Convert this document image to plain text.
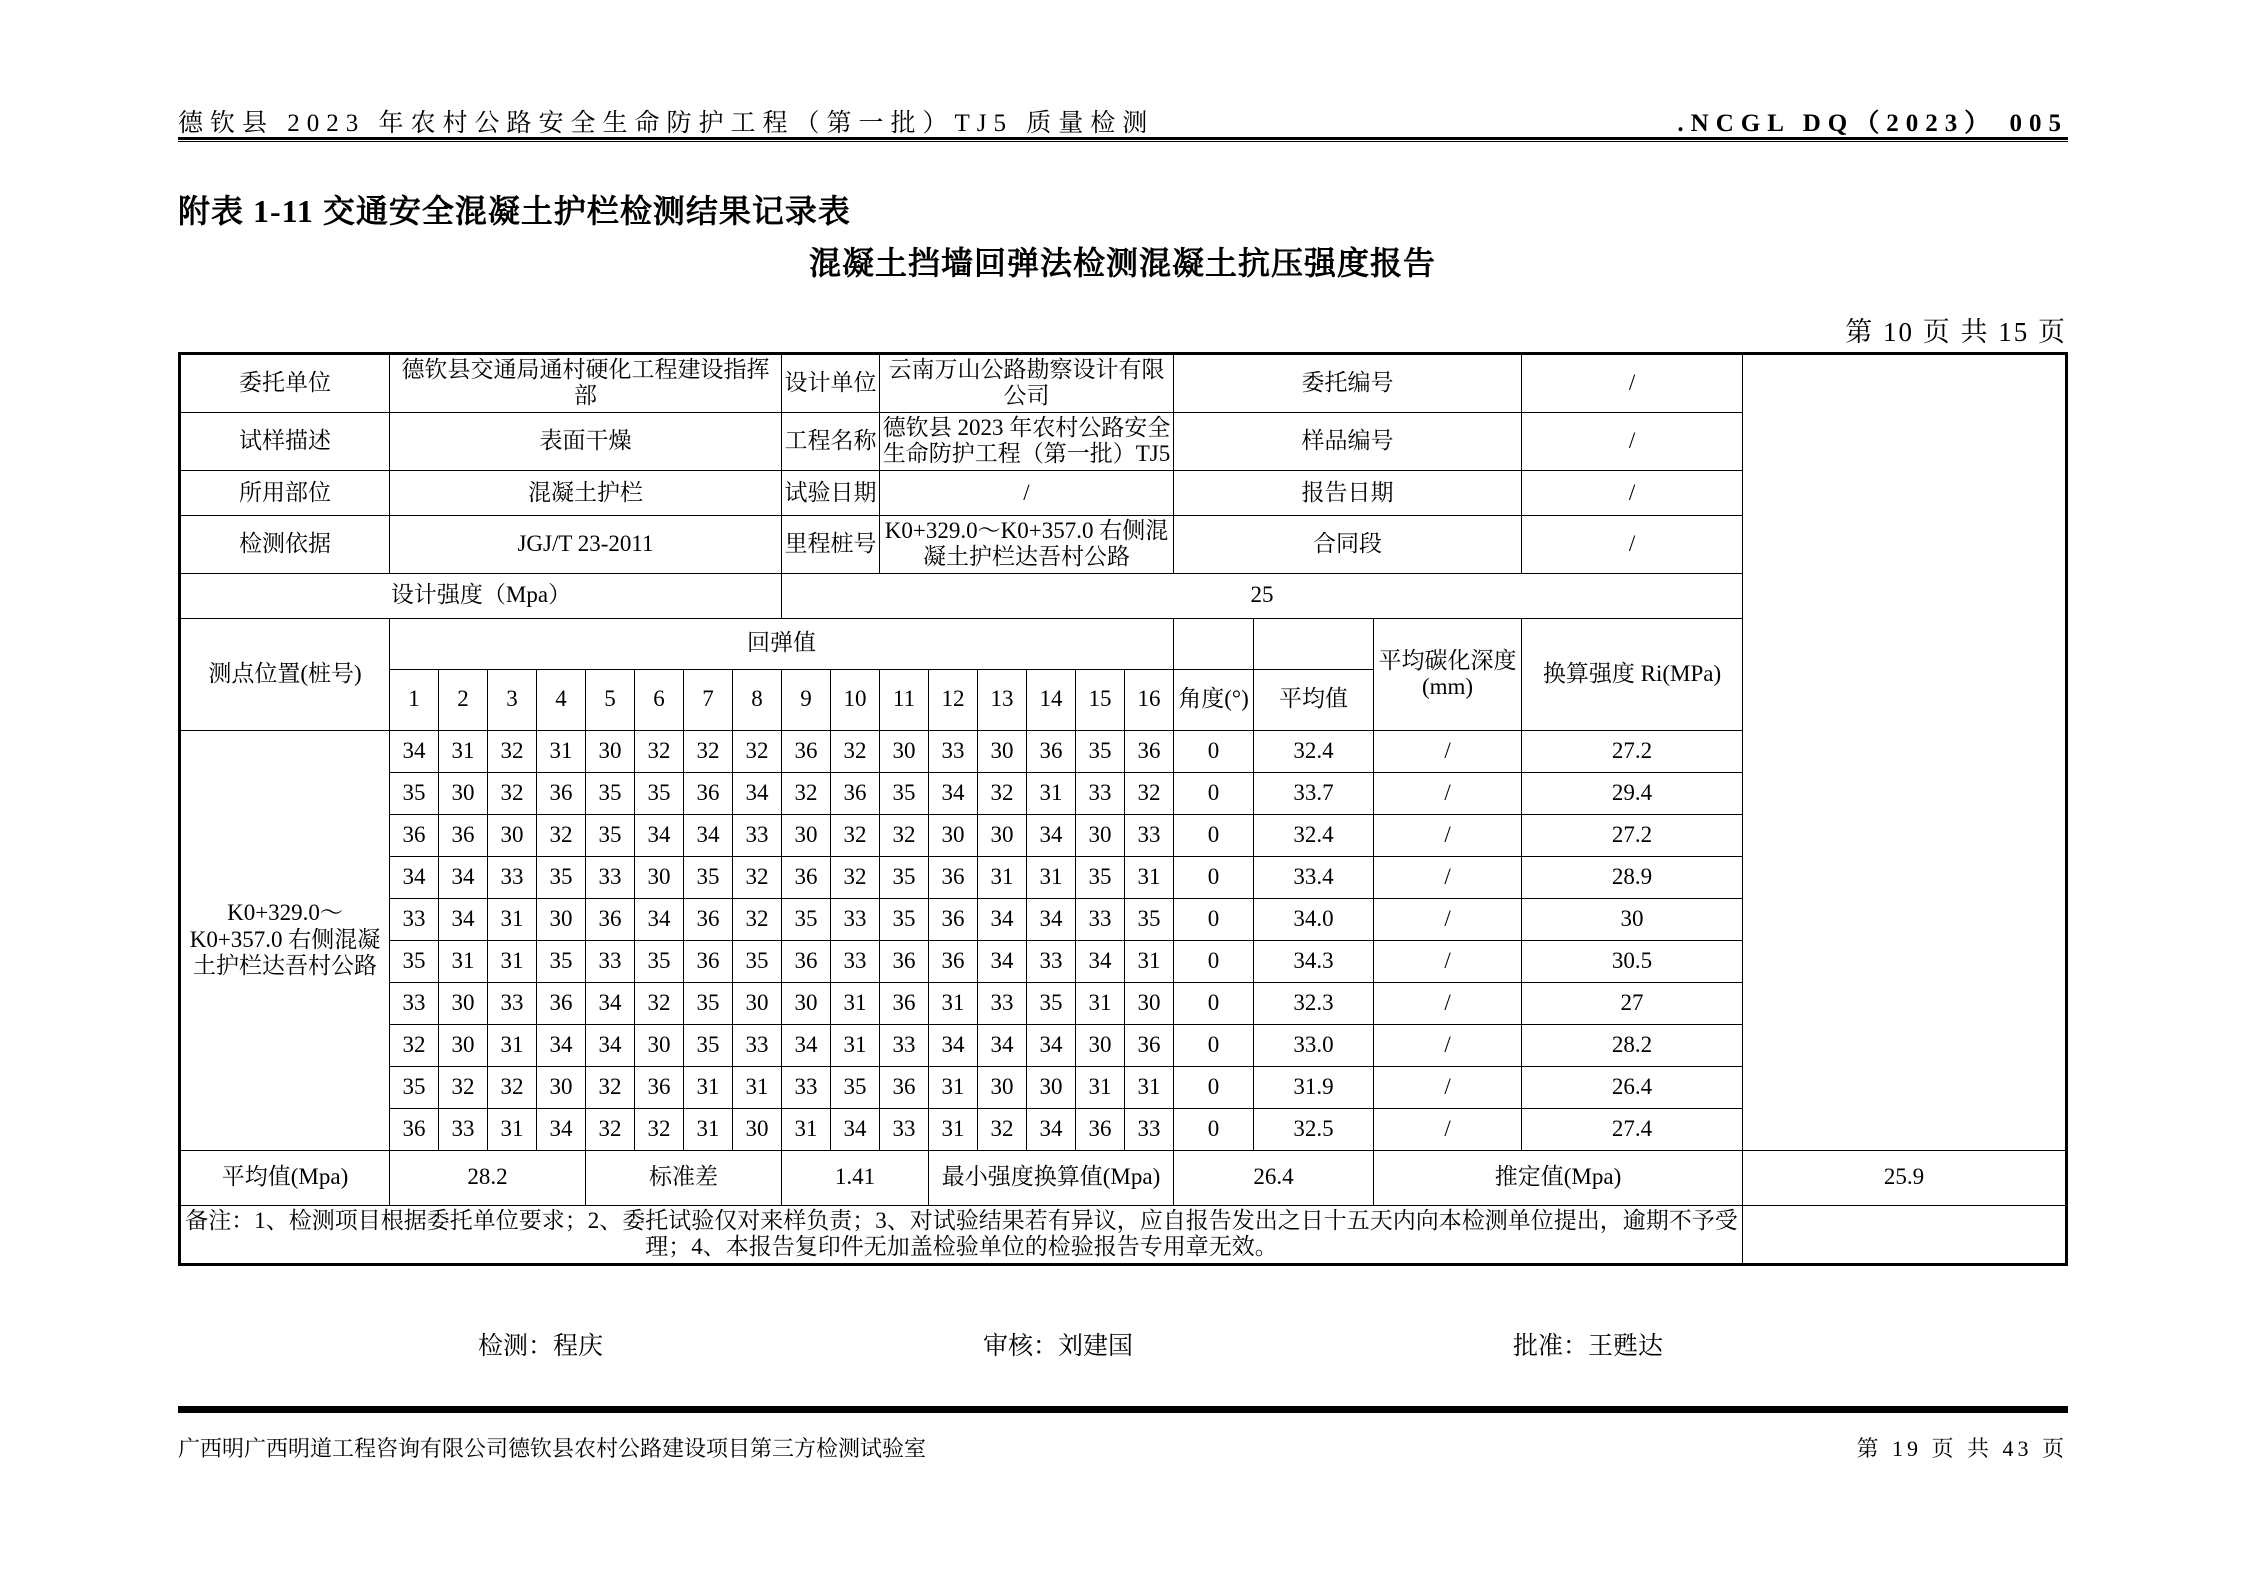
德钦县 2023 年农村公路安全生命防护工程（第一批）TJ5 质量检测	.NCGL DQ（2023） 005
附表 1-11 交通安全混凝土护栏检测结果记录表
混凝土挡墙回弹法检测混凝土抗压强度报告
第 10 页 共 15 页
委托单位	德钦县交通局通村硬化工程建设指挥部								设计单位		云南万山公路勘察设计有限公司						委托编号			/	
试样描述	表面干燥								工程名称		德钦县 2023 年农村公路安全生命防护工程（第一批）TJ5						样品编号			/	
所用部位	混凝土护栏								试验日期		/						报告日期			/	
检测依据	JGJ/T 23-2011								里程桩号		K0+329.0～K0+357.0 右侧混凝土护栏达吾村公路						合同段			/	
设计强度（Mpa）									25												
测点位置(桩号)	回弹值																		平均碳化深度(mm)	换算强度 Ri(MPa)	
	1	2	3	4	5	6	7	8	9	10	11	12	13	14	15	16	角度(°)	平均值			
K0+329.0～K0+357.0 右侧混凝土护栏达吾村公路	34	31	32	31	30	32	32	32	36	32	30	33	30	36	35	36	0	32.4	/	27.2	
	35	30	32	36	35	35	36	34	32	36	35	34	32	31	33	32	0	33.7	/	29.4	
	36	36	30	32	35	34	34	33	30	32	32	30	30	34	30	33	0	32.4	/	27.2	
	34	34	33	35	33	30	35	32	36	32	35	36	31	31	35	31	0	33.4	/	28.9	
	33	34	31	30	36	34	36	32	35	33	35	36	34	34	33	35	0	34.0	/	30	
	35	31	31	35	33	35	36	35	36	33	36	36	34	33	34	31	0	34.3	/	30.5	
	33	30	33	36	34	32	35	30	30	31	36	31	33	35	31	30	0	32.3	/	27	
	32	30	31	34	34	30	35	33	34	31	33	34	34	34	30	36	0	33.0	/	28.2	
	35	32	32	30	32	36	31	31	33	35	36	31	30	30	31	31	0	31.9	/	26.4	
	36	33	31	34	32	32	31	30	31	34	33	31	32	34	36	33	0	32.5	/	27.4	
平均值(Mpa)	28.2				标准差				1.41			最小强度换算值(Mpa)					26.4		推定值(Mpa)		25.9
备注：1、检测项目根据委托单位要求；2、委托试验仅对来样负责；3、对试验结果若有异议，应自报告发出之日十五天内向本检测单位提出，逾期不予受理；4、本报告复印件无加盖检验单位的检验报告专用章无效。																					
检测：程庆	审核：刘建国	批准：王甦达
广西明广西明道工程咨询有限公司德钦县农村公路建设项目第三方检测试验室	第 19 页 共 43 页
